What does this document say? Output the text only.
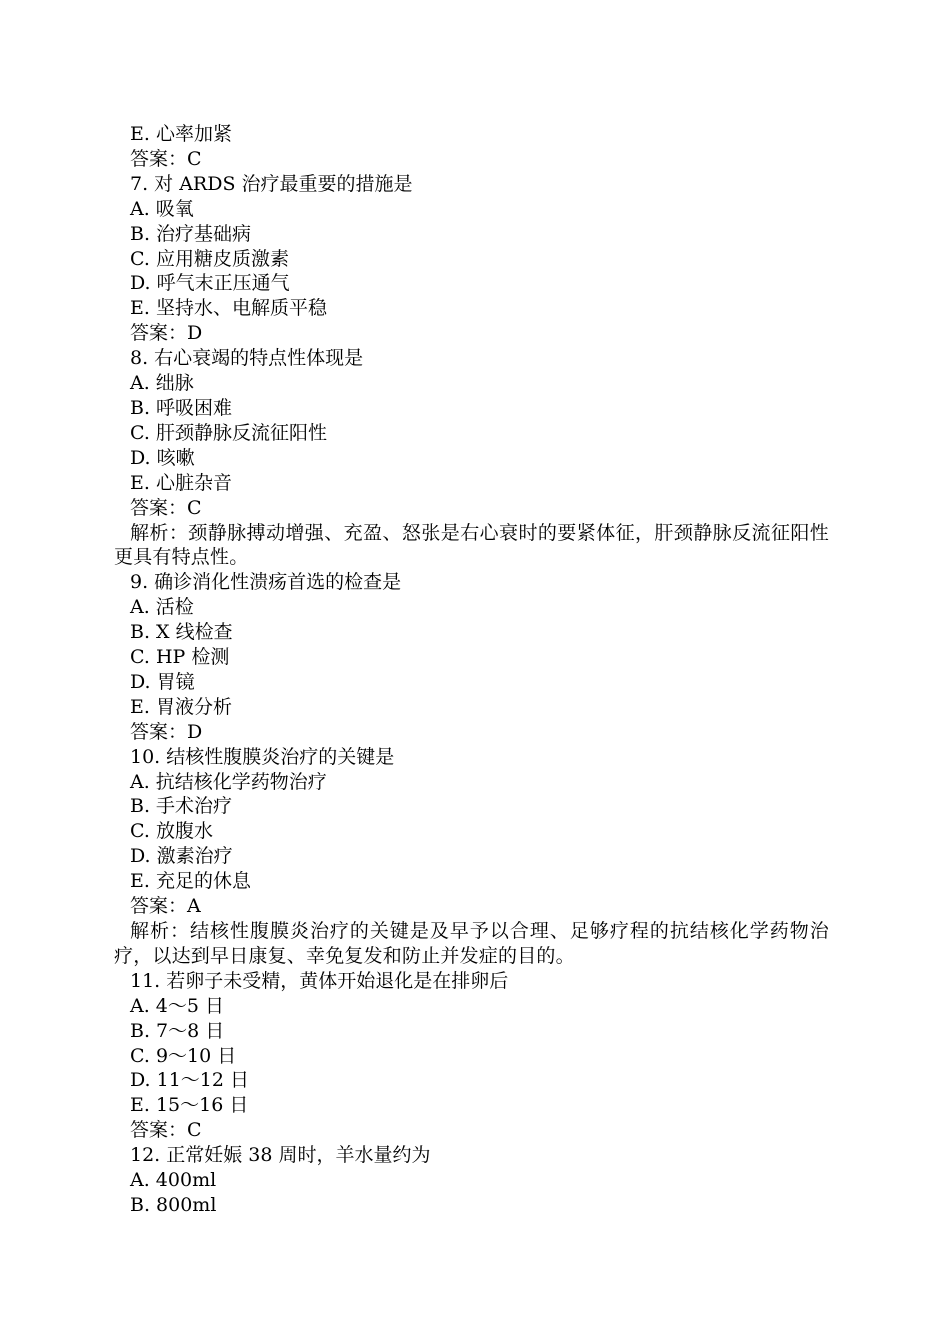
E. 心率加紧
答案：C
7. 对 ARDS 治疗最重要的措施是
A. 吸氧
B. 治疗基础病
C. 应用糖皮质激素
D. 呼气末正压通气
E. 坚持水、电解质平稳
答案：D
8. 右心衰竭的特点性体现是
A. 绌脉
B. 呼吸困难
C. 肝颈静脉反流征阳性
D. 咳嗽
E. 心脏杂音
答案：C
解析：颈静脉搏动增强、充盈、怒张是右心衰时的要紧体征，肝颈静脉反流征阳性更具有特点性。
9. 确诊消化性溃疡首选的检查是
A. 活检
B. X 线检查
C. HP 检测
D. 胃镜
E. 胃液分析
答案：D
10. 结核性腹膜炎治疗的关键是
A. 抗结核化学药物治疗
B. 手术治疗
C. 放腹水
D. 激素治疗
E. 充足的休息
答案：A
解析：结核性腹膜炎治疗的关键是及早予以合理、足够疗程的抗结核化学药物治疗，以达到早日康复、幸免复发和防止并发症的目的。
11. 若卵子未受精，黄体开始退化是在排卵后
A. 4～5 日
B. 7～8 日
C. 9～10 日
D. 11～12 日
E. 15～16 日
答案：C
12. 正常妊娠 38 周时，羊水量约为
A. 400ml
B. 800ml
